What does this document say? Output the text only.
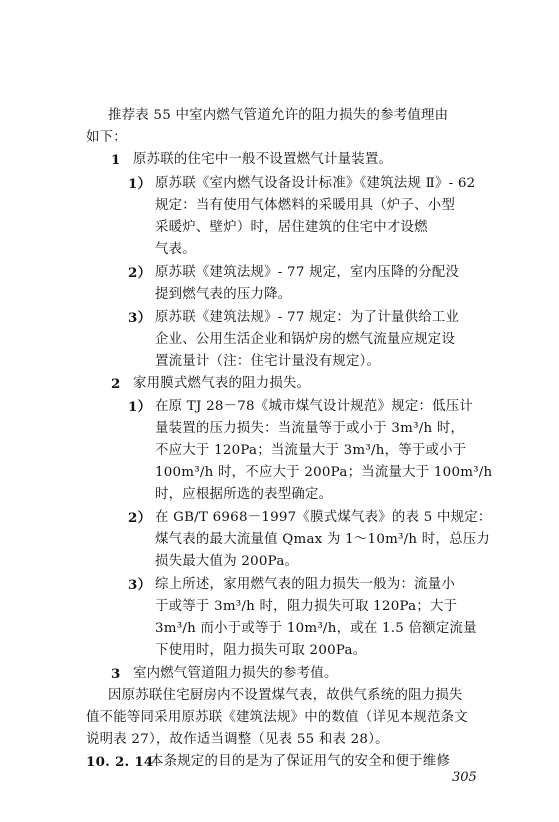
推荐表 55 中室内燃气管道允许的阻力损失的参考值理由
如下：
1 原苏联的住宅中一般不设置燃气计量装置。
1） 原苏联《室内燃气设备设计标准》《建筑法规 Ⅱ》- 62
规定：当有使用气体燃料的采暖用具（炉子、小型
采暖炉、壁炉）时，居住建筑的住宅中才设燃
气表。
2） 原苏联《建筑法规》- 77 规定，室内压降的分配没
提到燃气表的压力降。
3） 原苏联《建筑法规》- 77 规定：为了计量供给工业
企业、公用生活企业和锅炉房的燃气流量应规定设
置流量计（注：住宅计量没有规定）。
2 家用膜式燃气表的阻力损失。
1） 在原 TJ 28－78《城市煤气设计规范》规定：低压计
量装置的压力损失：当流量等于或小于 3m³/h 时，
不应大于 120Pa；当流量大于 3m³/h，等于或小于
100m³/h 时，不应大于 200Pa；当流量大于 100m³/h
时，应根据所选的表型确定。
2） 在 GB/T 6968－1997《膜式煤气表》的表 5 中规定：
煤气表的最大流量值 Qmax 为 1～10m³/h 时，总压力
损失最大值为 200Pa。
3） 综上所述，家用燃气表的阻力损失一般为：流量小
于或等于 3m³/h 时，阻力损失可取 120Pa；大于
3m³/h 而小于或等于 10m³/h，或在 1.5 倍额定流量
下使用时，阻力损失可取 200Pa。
3 室内燃气管道阻力损失的参考值。
因原苏联住宅厨房内不设置煤气表，故供气系统的阻力损失
值不能等同采用原苏联《建筑法规》中的数值（详见本规范条文
说明表 27），故作适当调整（见表 55 和表 28）。
10. 2. 14
本条规定的目的是为了保证用气的安全和便于维修
305
